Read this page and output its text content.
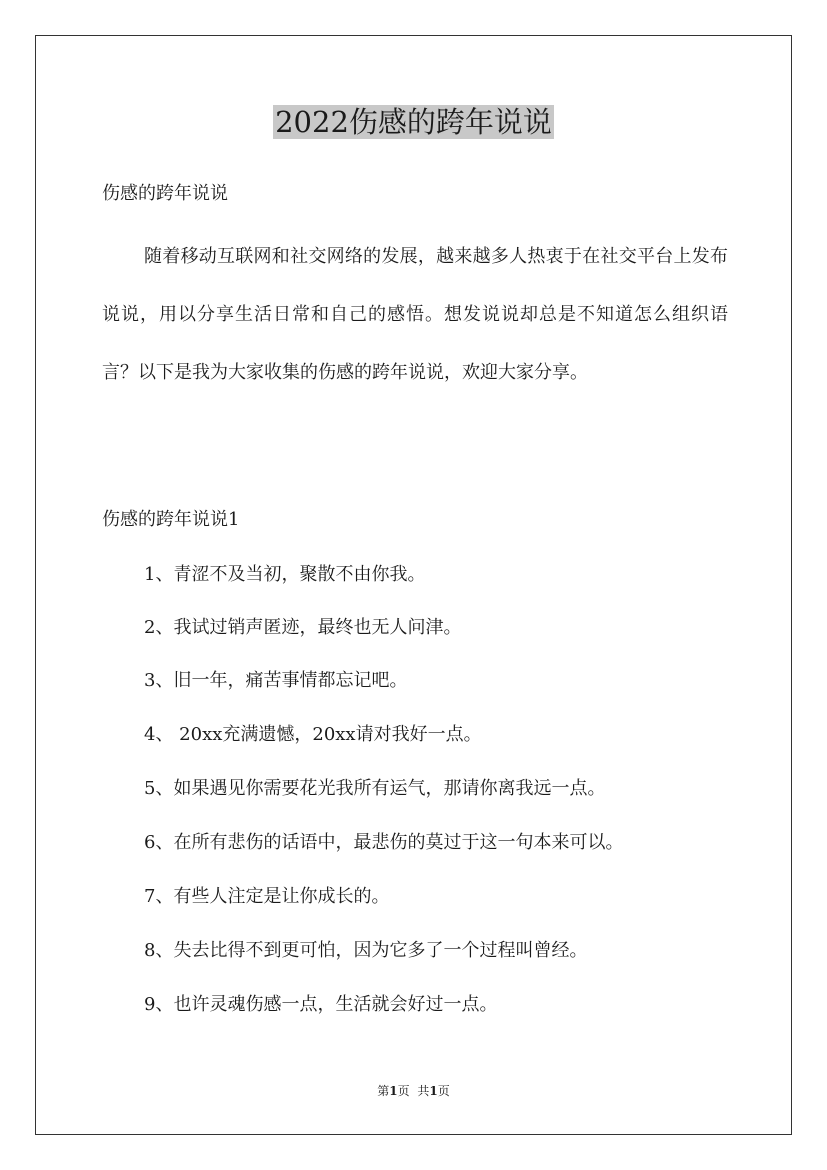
2022伤感的跨年说说
伤感的跨年说说

随着移动互联网和社交网络的发展，越来越多人热衷于在社交平台上发布说说，用以分享生活日常和自己的感悟。想发说说却总是不知道怎么组织语言？以下是我为大家收集的伤感的跨年说说，欢迎大家分享。

伤感的跨年说说1
1、青涩不及当初，聚散不由你我。
2、我试过销声匿迹，最终也无人问津。
3、旧一年，痛苦事情都忘记吧。
4、 20xx充满遗憾，20xx请对我好一点。
5、如果遇见你需要花光我所有运气，那请你离我远一点。
6、在所有悲伤的话语中，最悲伤的莫过于这一句本来可以。
7、有些人注定是让你成长的。
8、失去比得不到更可怕，因为它多了一个过程叫曾经。
9、也许灵魂伤感一点，生活就会好过一点。
第1页 共1页
